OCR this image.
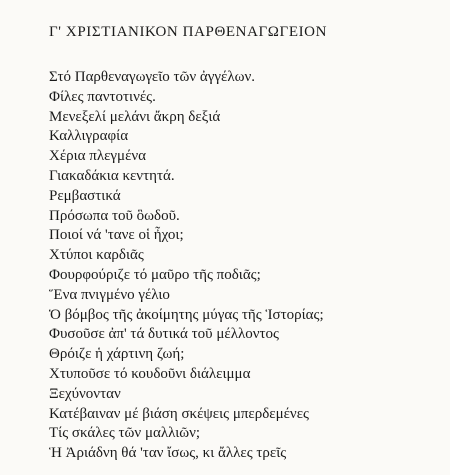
Γ' ΧΡΙΣΤΙΑΝΙΚΟΝ ΠΑΡΘΕΝΑΓΩΓΕΙΟΝ
Στό Παρθεναγωγεῖο τῶν ἀγγέλων.
Φίλες παντοτινές.
Μενεξελί μελάνι ἄκρη δεξιά
Καλλιγραφία
Χέρια πλεγμένα
Γιακαδάκια κεντητά.
Ρεμβαστικά
Πρόσωπα τοῦ ὃωδοῦ.
Ποιοί νά 'τανε οἱ ἦχοι;
Χτύποι καρδιᾶς
Φουρφούριζε τό μαῦρο τῆς ποδιᾶς;
Ἕνα πνιγμένο γέλιο
Ὁ βόμβος τῆς ἀκοίμητης μύγας τῆς Ἱστορίας;
Φυσοῦσε ἀπ' τά δυτικά τοῦ μέλλοντος
Θρόιζε ἡ χάρτινη ζωή;
Χτυποῦσε τό κουδοῦνι διάλειμμα
Ξεχύνονταν
Κατέβαιναν μέ βιάση σκέψεις μπερδεμένες
Τίς σκάλες τῶν μαλλιῶν;
Ἡ Ἀριάδνη θά 'ταν ἴσως, κι ἄλλες τρεῖς
